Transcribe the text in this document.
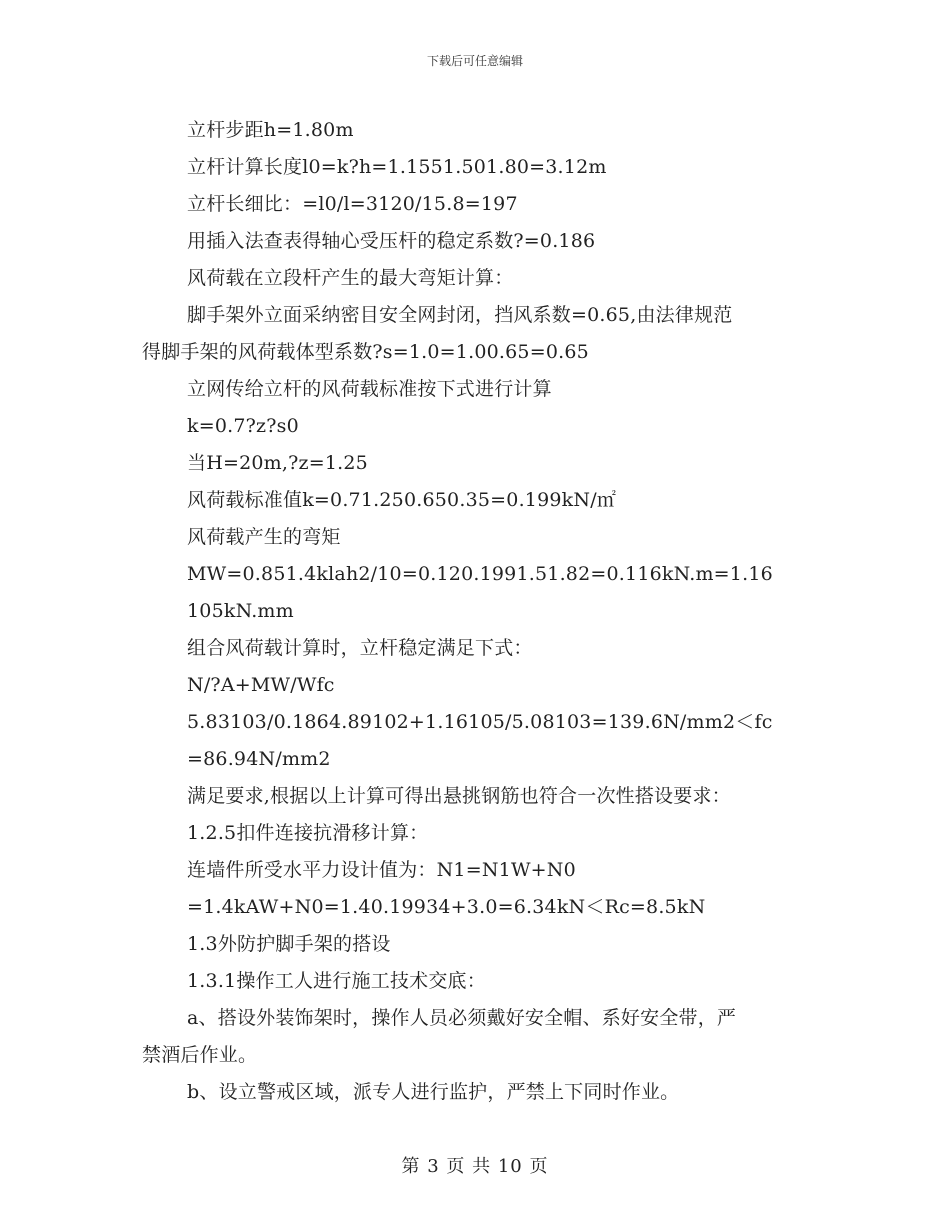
下载后可任意编辑
立杆步距h=1.80m
立杆计算长度l0=k?h=1.1551.501.80=3.12m
立杆长细比：=l0/l=3120/15.8=197
用插入法查表得轴心受压杆的稳定系数?=0.186
风荷载在立段杆产生的最大弯矩计算：
脚手架外立面采纳密目安全网封闭，挡风系数=0.65,由法律规范
得脚手架的风荷载体型系数?s=1.0=1.00.65=0.65
立网传给立杆的风荷载标准按下式进行计算
k=0.7?z?s0
当H=20m,?z=1.25
风荷载标准值k=0.71.250.650.35=0.199kN/㎡
风荷载产生的弯矩
MW=0.851.4klah2/10=0.120.1991.51.82=0.116kN.m=1.16
105kN.mm
组合风荷载计算时，立杆稳定满足下式：
N/?A+MW/Wfc
5.83103/0.1864.89102+1.16105/5.08103=139.6N/mm2＜fc
=86.94N/mm2
满足要求,根据以上计算可得出悬挑钢筋也符合一次性搭设要求：
1.2.5扣件连接抗滑移计算：
连墙件所受水平力设计值为：N1=N1W+N0
=1.4kAW+N0=1.40.19934+3.0=6.34kN＜Rc=8.5kN
1.3外防护脚手架的搭设
1.3.1操作工人进行施工技术交底：
a、搭设外装饰架时，操作人员必须戴好安全帽、系好安全带，严
禁酒后作业。
b、设立警戒区域，派专人进行监护，严禁上下同时作业。
第 3 页 共 10 页
